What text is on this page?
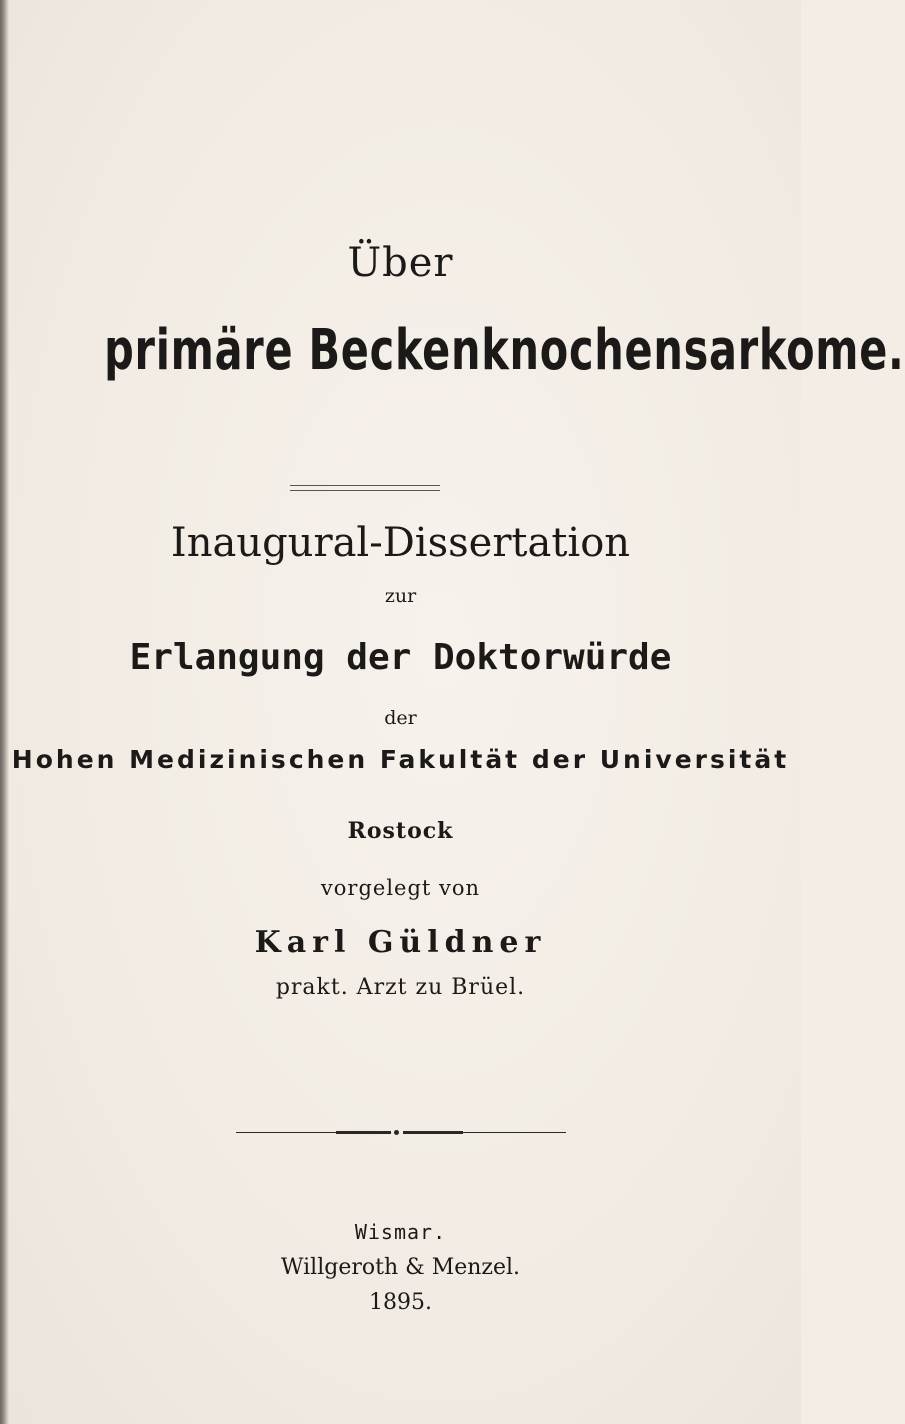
Über
primäre Beckenknochensarkome.
Inaugural-Dissertation
zur
Erlangung der Doktorwürde
der
Hohen Medizinischen Fakultät der Universität
Rostock
vorgelegt von
Karl Güldner
prakt. Arzt zu Brüel.
Wismar.
Willgeroth & Menzel.
1895.
